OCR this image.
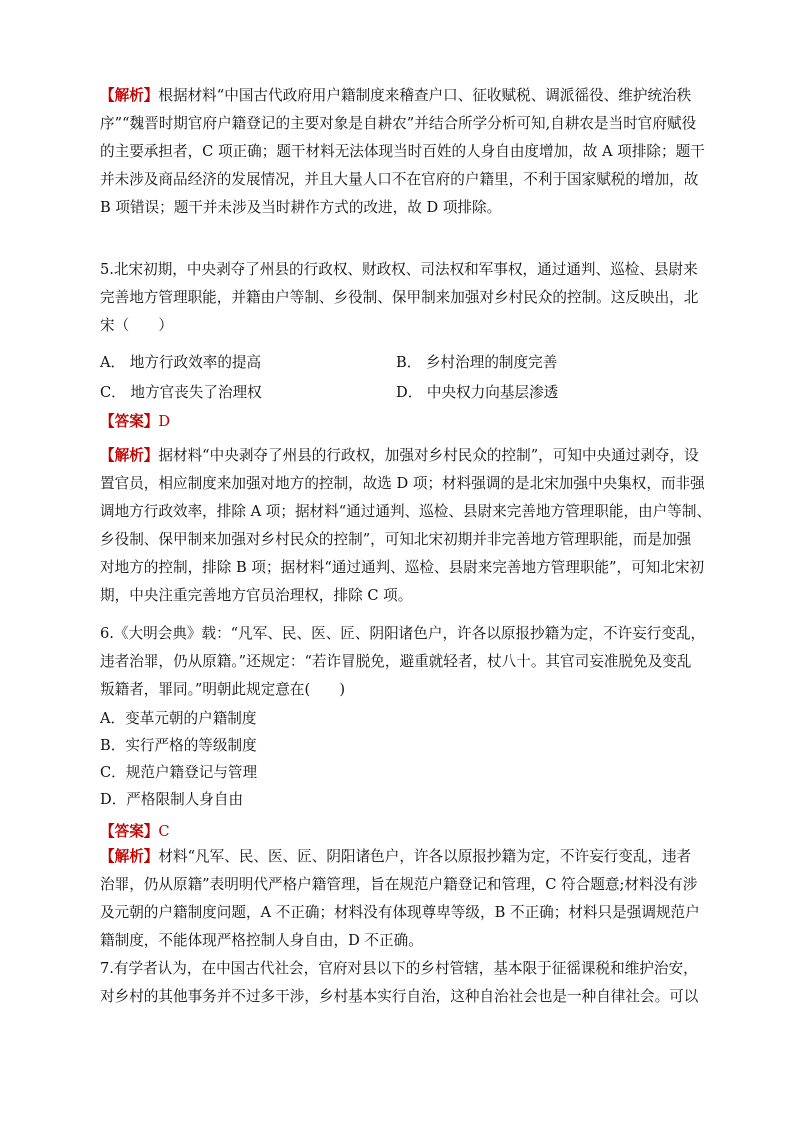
【解析】根据材料“中国古代政府用户籍制度来稽查户口、征收赋税、调派徭役、维护统治秩
序”“魏晋时期官府户籍登记的主要对象是自耕农”并结合所学分析可知,自耕农是当时官府赋役
的主要承担者，C 项正确；题干材料无法体现当时百姓的人身自由度增加，故 A 项排除；题干
并未涉及商品经济的发展情况，并且大量人口不在官府的户籍里，不利于国家赋税的增加，故
B 项错误；题干并未涉及当时耕作方式的改进，故 D 项排除。
5.北宋初期，中央剥夺了州县的行政权、财政权、司法权和军事权，通过通判、巡检、县尉来
完善地方管理职能，并籍由户等制、乡役制、保甲制来加强对乡村民众的控制。这反映出，北
宋（　　）
A． 地方行政效率的提高	B． 乡村治理的制度完善
C． 地方官丧失了治理权	D． 中央权力向基层渗透
【答案】D
【解析】据材料“中央剥夺了州县的行政权，加强对乡村民众的控制”，可知中央通过剥夺，设
置官员，相应制度来加强对地方的控制，故选 D 项；材料强调的是北宋加强中央集权，而非强
调地方行政效率，排除 A 项；据材料“通过通判、巡检、县尉来完善地方管理职能，由户等制、
乡役制、保甲制来加强对乡村民众的控制”，可知北宋初期并非完善地方管理职能，而是加强
对地方的控制，排除 B 项；据材料“通过通判、巡检、县尉来完善地方管理职能”，可知北宋初
期，中央注重完善地方官员治理权，排除 C 项。
6.《大明会典》载：“凡军、民、医、匠、阴阳诸色户，许各以原报抄籍为定，不许妄行变乱，
违者治罪，仍从原籍。”还规定：“若诈冒脱免，避重就轻者，杖八十。其官司妄准脱免及变乱
叛籍者，罪同。”明朝此规定意在(　　)
A．变革元朝的户籍制度
B．实行严格的等级制度
C．规范户籍登记与管理
D．严格限制人身自由
【答案】C
【解析】材料“凡军、民、医、匠、阴阳诸色户，许各以原报抄籍为定，不许妄行变乱，违者
治罪，仍从原籍”表明明代严格户籍管理，旨在规范户籍登记和管理，C 符合题意;材料没有涉
及元朝的户籍制度问题，A 不正确；材料没有体现尊卑等级，B 不正确；材料只是强调规范户
籍制度，不能体现严格控制人身自由，D 不正确。
7.有学者认为，在中国古代社会，官府对县以下的乡村管辖，基本限于征徭课税和维护治安，
对乡村的其他事务并不过多干涉，乡村基本实行自治，这种自治社会也是一种自律社会。可以
